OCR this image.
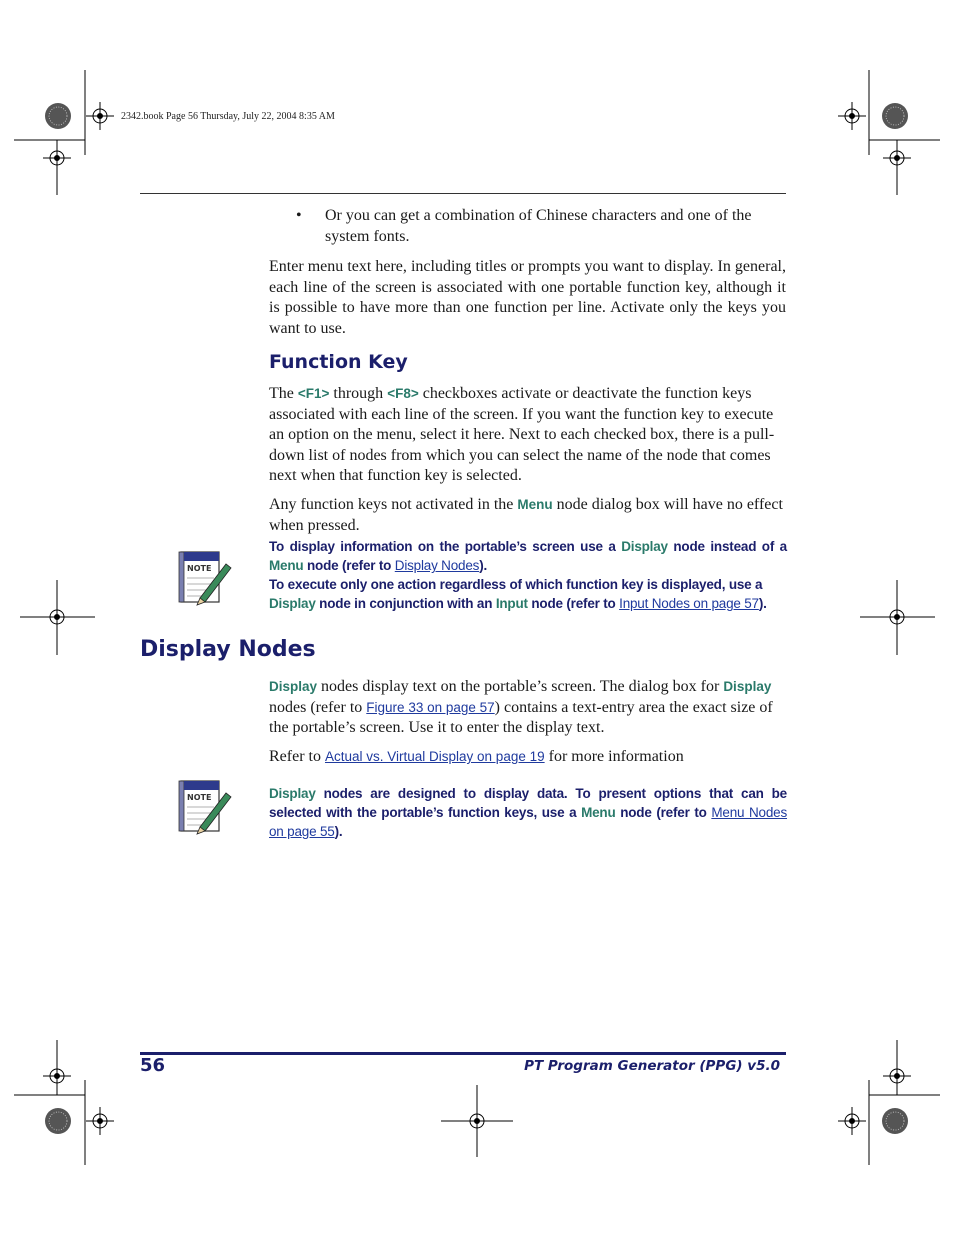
2342.book Page 56 Thursday, July 22, 2004 8:35 AM
• Or you can get a combination of Chinese characters and one of the system fonts.
Enter menu text here, including titles or prompts you want to display. In general, each line of the screen is associated with one portable function key, although it is possible to have more than one function per line. Activate only the keys you want to use.
Function Key
The <F1> through <F8> checkboxes activate or deactivate the function keys associated with each line of the screen. If you want the function key to execute an option on the menu, select it here. Next to each checked box, there is a pull-down list of nodes from which you can select the name of the node that comes next when that function key is selected.
Any function keys not activated in the Menu node dialog box will have no effect when pressed.
NOTE
To display information on the portable’s screen use a Display node instead of a Menu node (refer to Display Nodes).
To execute only one action regardless of which function key is displayed, use a Display node in conjunction with an Input node (refer to Input Nodes on page 57).
Display Nodes
Display nodes display text on the portable’s screen. The dialog box for Display nodes (refer to Figure 33 on page 57) contains a text-entry area the exact size of the portable’s screen. Use it to enter the display text.
Refer to Actual vs. Virtual Display on page 19 for more information
NOTE	Display nodes are designed to display data. To present options that can be selected with the portable’s function keys, use a Menu node (refer to Menu Nodes on page 55).
56	PT Program Generator (PPG) v5.0
